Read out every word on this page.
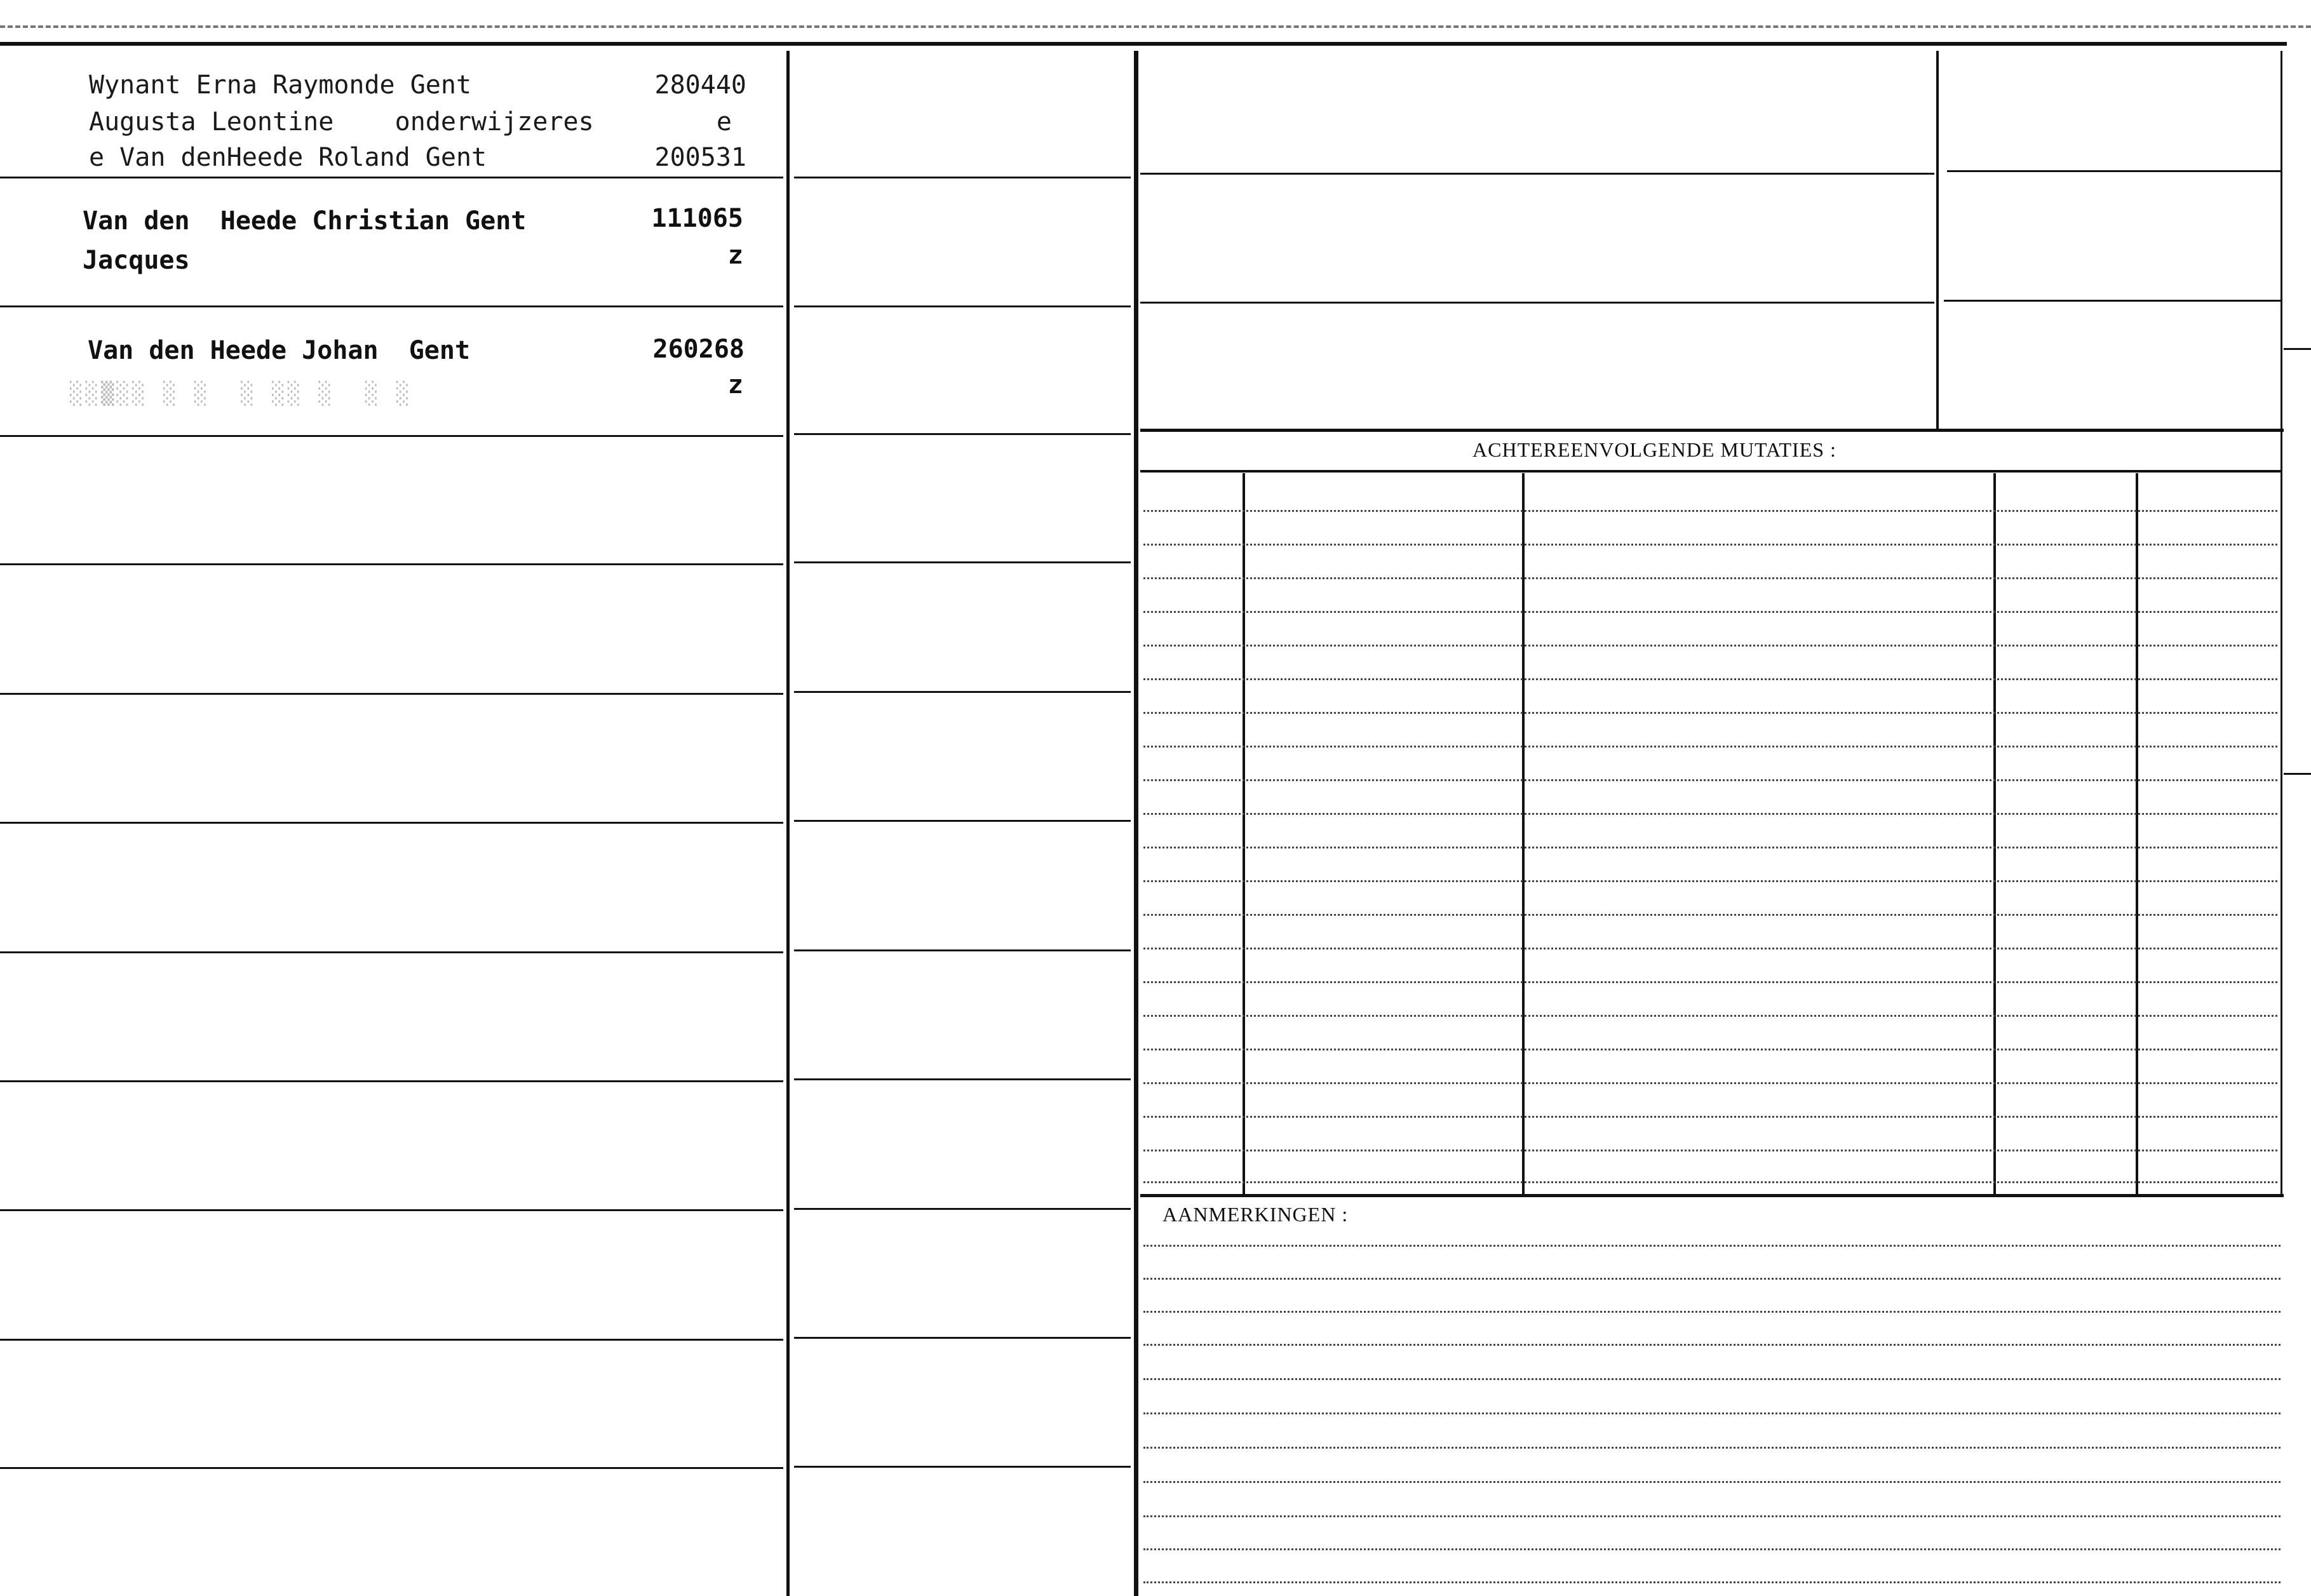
Wynant Erna Raymonde Gent
Augusta Leontine    onderwijzeres
e Van denHeede Roland Gent
280440
e
200531
Van den  Heede Christian Gent
Jacques
111065
z
Van den Heede Johan  Gent	260268
z
░░▒░░ ░ ░  ░ ░░ ░  ░ ░
ACHTEREENVOLGENDE MUTATIES :
AANMERKINGEN :
